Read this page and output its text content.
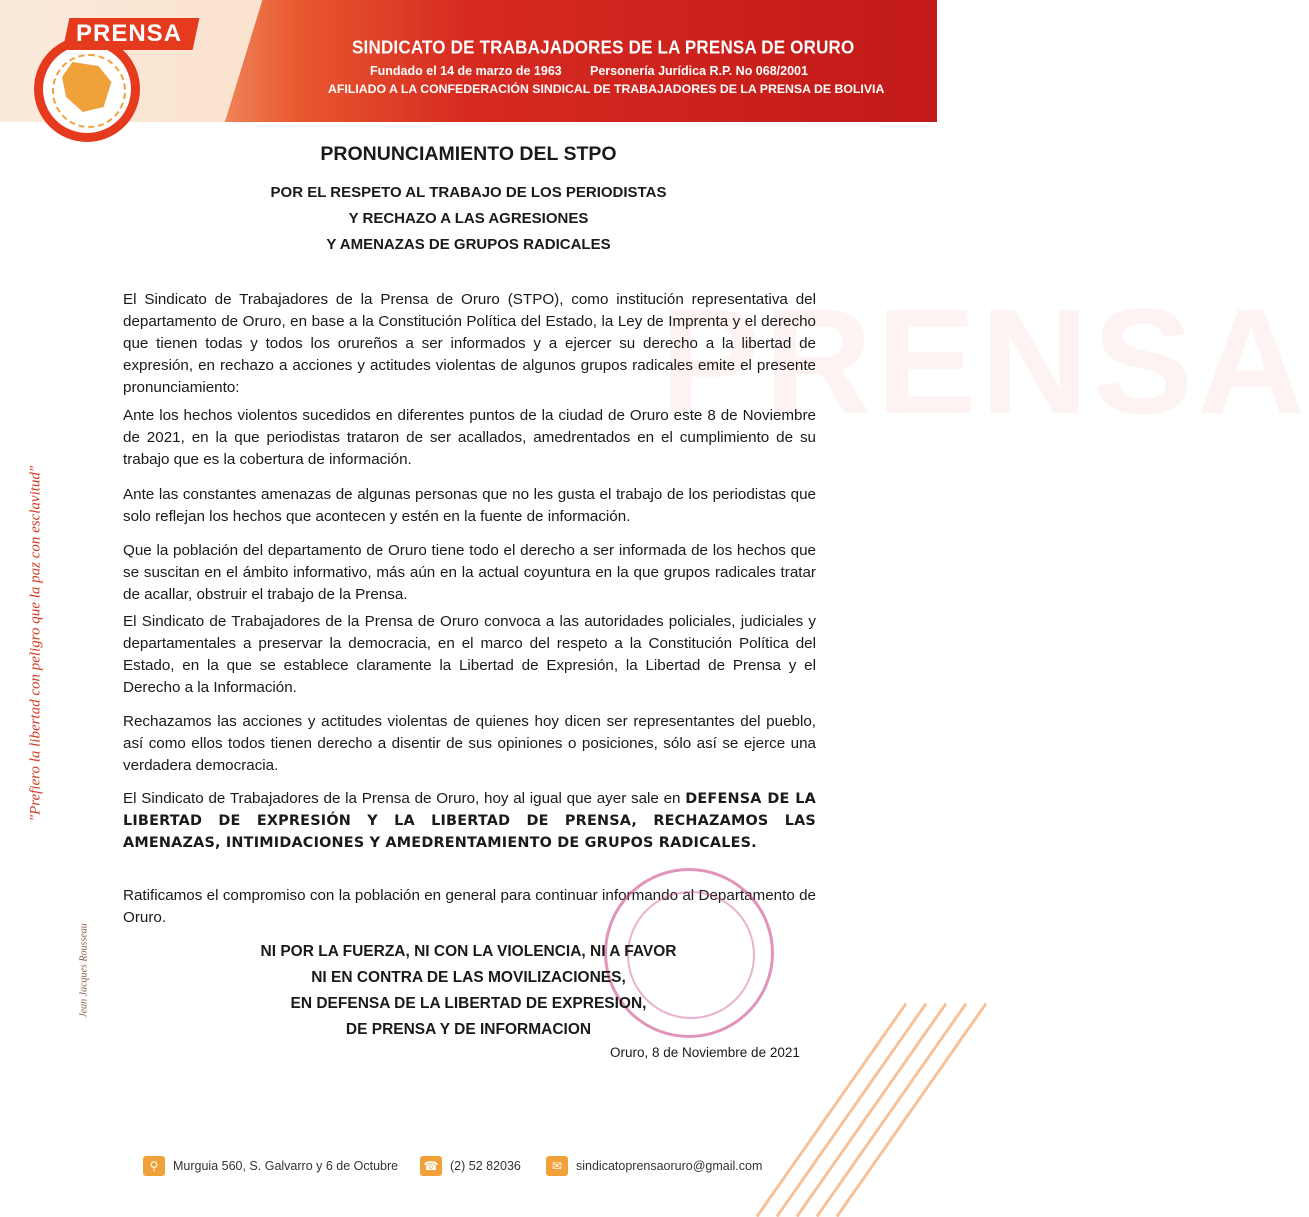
PRENSA
SINDICATO DE TRABAJADORES DE LA PRENSA DE ORURO
Fundado el 14 de marzo de 1963 Personería Jurídica R.P. No 068/2001
AFILIADO A LA CONFEDERACIÓN SINDICAL DE TRABAJADORES DE LA PRENSA DE BOLIVIA
PRENSA
"Prefiero la libertad con peligro que la paz con esclavitud"
Jean Jacques Rousseau
PRONUNCIAMIENTO DEL STPO
POR EL RESPETO AL TRABAJO DE LOS PERIODISTAS
Y RECHAZO A LAS AGRESIONES
Y AMENAZAS DE GRUPOS RADICALES

El Sindicato de Trabajadores de la Prensa de Oruro (STPO), como institución representativa del departamento de Oruro, en base a la Constitución Política del Estado, la Ley de Imprenta y el derecho que tienen todas y todos los orureños a ser informados y a ejercer su derecho a la libertad de expresión, en rechazo a acciones y actitudes violentas de algunos grupos radicales emite el presente pronunciamiento:

Ante los hechos violentos sucedidos en diferentes puntos de la ciudad de Oruro este 8 de Noviembre de 2021, en la que periodistas trataron de ser acallados, amedrentados en el cumplimiento de su trabajo que es la cobertura de información.

Ante las constantes amenazas de algunas personas que no les gusta el trabajo de los periodistas que solo reflejan los hechos que acontecen y estén en la fuente de información.

Que la población del departamento de Oruro tiene todo el derecho a ser informada de los hechos que se suscitan en el ámbito informativo, más aún en la actual coyuntura en la que grupos radicales tratar de acallar, obstruir el trabajo de la Prensa.

El Sindicato de Trabajadores de la Prensa de Oruro convoca a las autoridades policiales, judiciales y departamentales a preservar la democracia, en el marco del respeto a la Constitución Política del Estado, en la que se establece claramente la Libertad de Expresión, la Libertad de Prensa y el Derecho a la Información.

Rechazamos las acciones y actitudes violentas de quienes hoy dicen ser representantes del pueblo, así como ellos todos tienen derecho a disentir de sus opiniones o posiciones, sólo así se ejerce una verdadera democracia.

El Sindicato de Trabajadores de la Prensa de Oruro, hoy al igual que ayer sale en DEFENSA DE LA LIBERTAD DE EXPRESIÓN Y LA LIBERTAD DE PRENSA, RECHAZAMOS LAS AMENAZAS, INTIMIDACIONES Y AMEDRENTAMIENTO DE GRUPOS RADICALES.

Ratificamos el compromiso con la población en general para continuar informando al Departamento de Oruro.

NI POR LA FUERZA, NI CON LA VIOLENCIA, NI A FAVOR
NI EN CONTRA DE LAS MOVILIZACIONES,
EN DEFENSA DE LA LIBERTAD DE EXPRESION,
DE PRENSA Y DE INFORMACION
Oruro, 8 de Noviembre de 2021
⚲	Murguia 560, S. Galvarro y 6 de Octubre ☎ (2) 52 82036	✉	sindicatoprensaoruro@gmail.com
